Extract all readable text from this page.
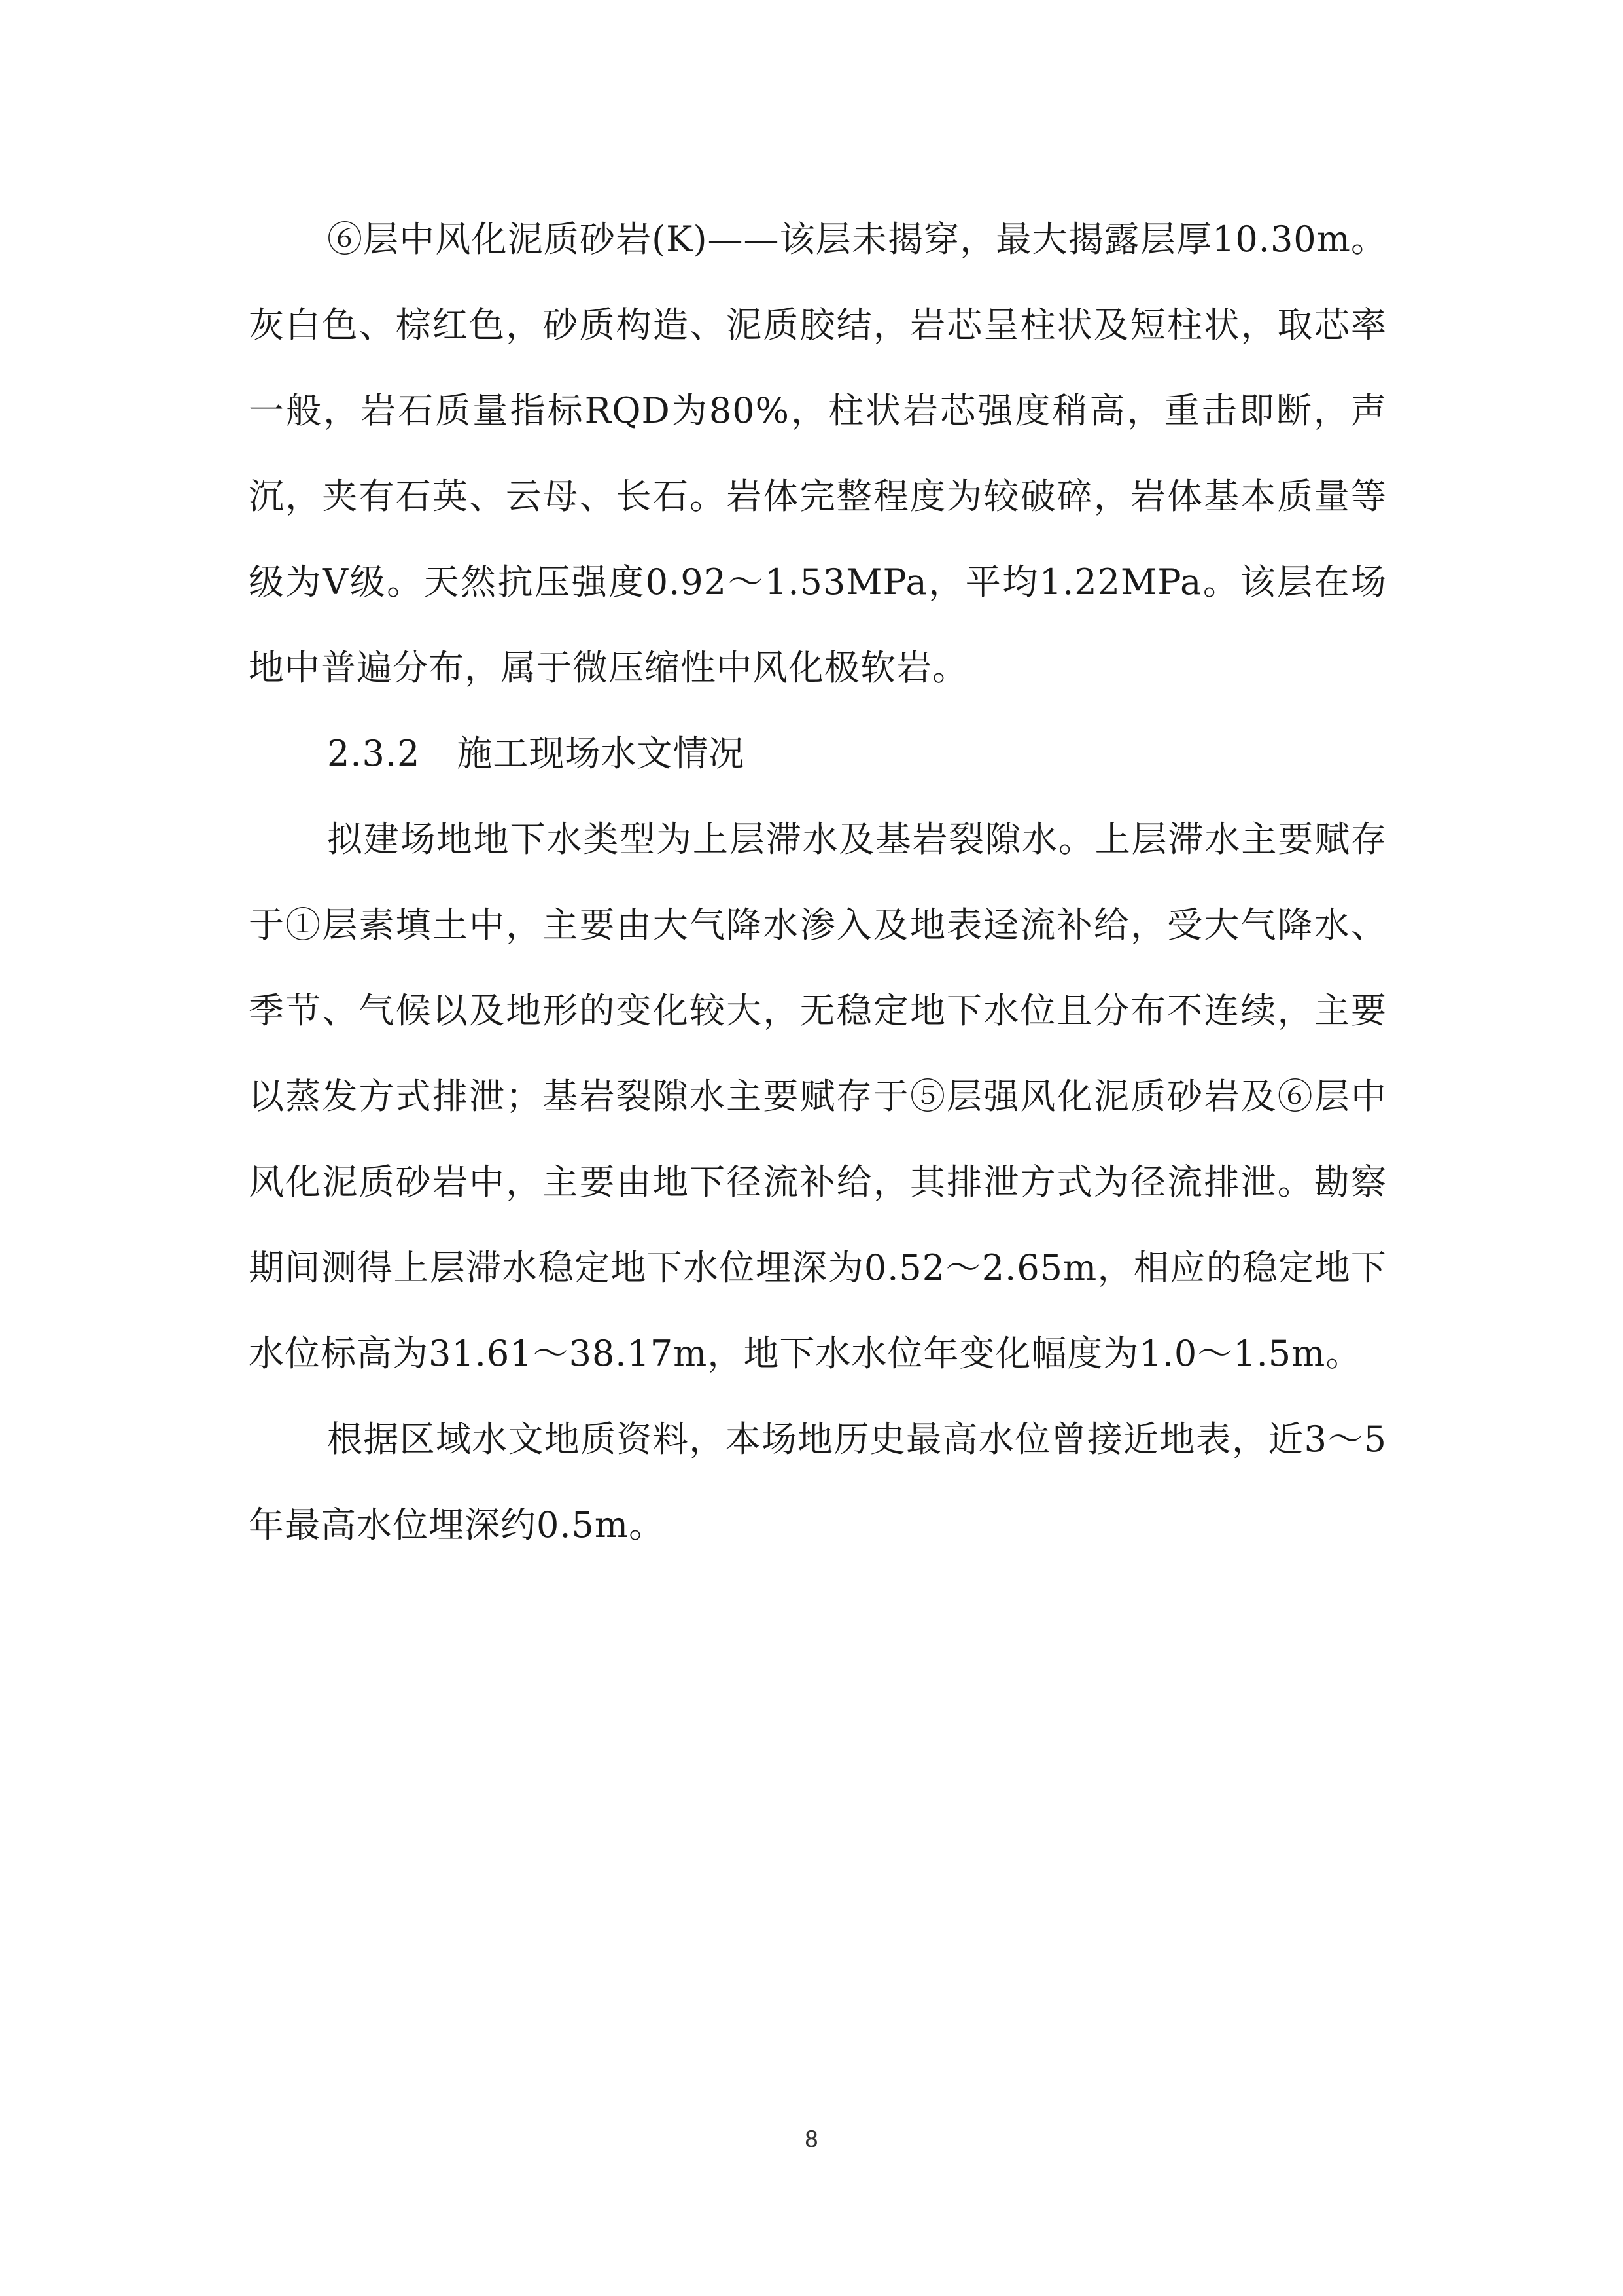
⑥层中风化泥质砂岩(K)——该层未揭穿，最大揭露层厚10.30m。灰白色、棕红色，砂质构造、泥质胶结，岩芯呈柱状及短柱状，取芯率一般，岩石质量指标RQD为80%，柱状岩芯强度稍高，重击即断，声沉，夹有石英、云母、长石。岩体完整程度为较破碎，岩体基本质量等级为Ⅴ级。天然抗压强度0.92～1.53MPa，平均1.22MPa。该层在场地中普遍分布，属于微压缩性中风化极软岩。

2.3.2 施工现场水文情况

拟建场地地下水类型为上层滞水及基岩裂隙水。上层滞水主要赋存于①层素填土中，主要由大气降水渗入及地表迳流补给，受大气降水、季节、气候以及地形的变化较大，无稳定地下水位且分布不连续，主要以蒸发方式排泄；基岩裂隙水主要赋存于⑤层强风化泥质砂岩及⑥层中风化泥质砂岩中，主要由地下径流补给，其排泄方式为径流排泄。勘察期间测得上层滞水稳定地下水位埋深为0.52～2.65m，相应的稳定地下水位标高为31.61～38.17m，地下水水位年变化幅度为1.0～1.5m。

根据区域水文地质资料，本场地历史最高水位曾接近地表，近3～5年最高水位埋深约0.5m。

8
